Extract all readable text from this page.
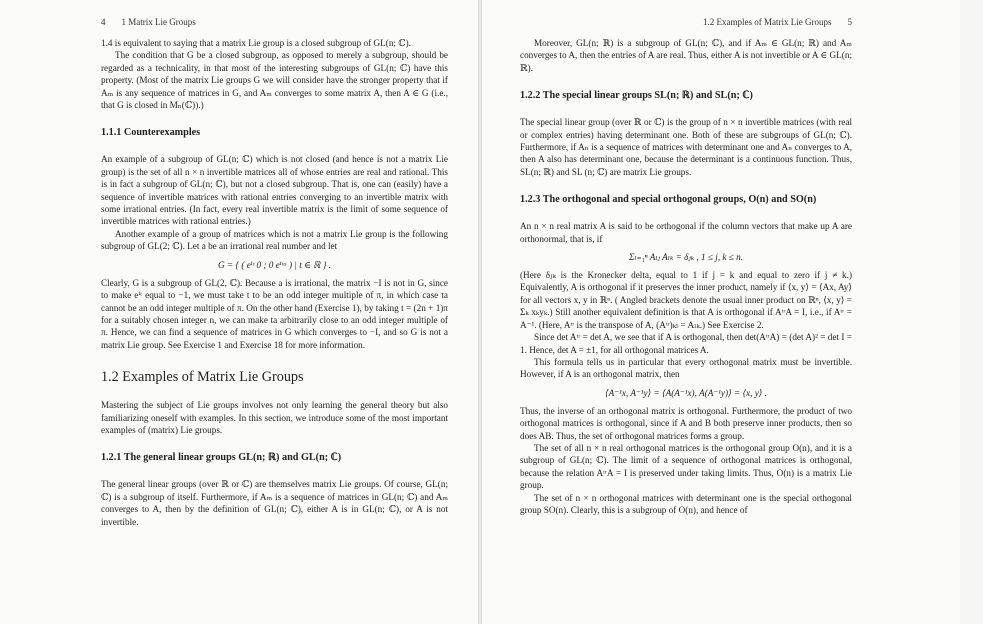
4 1 Matrix Lie Groups

1.4 is equivalent to saying that a matrix Lie group is a closed subgroup of GL(n; ℂ).

The condition that G be a closed subgroup, as opposed to merely a subgroup, should be regarded as a technicality, in that most of the interesting subgroups of GL(n; ℂ) have this property. (Most of the matrix Lie groups G we will consider have the stronger property that if Aₘ is any sequence of matrices in G, and Aₘ converges to some matrix A, then A ∈ G (i.e., that G is closed in Mₙ(ℂ)).)

1.1.1 Counterexamples

An example of a subgroup of GL(n; ℂ) which is not closed (and hence is not a matrix Lie group) is the set of all n × n invertible matrices all of whose entries are real and rational. This is in fact a subgroup of GL(n; ℂ), but not a closed subgroup. That is, one can (easily) have a sequence of invertible matrices with rational entries converging to an invertible matrix with some irrational entries. (In fact, every real invertible matrix is the limit of some sequence of invertible matrices with rational entries.)

Another example of a group of matrices which is not a matrix Lie group is the following subgroup of GL(2; ℂ). Let a be an irrational real number and let

G = { ( eⁱᵗ 0 ; 0 eⁱᵗᵃ ) | t ∈ ℝ } .

Clearly, G is a subgroup of GL(2, ℂ). Because a is irrational, the matrix −I is not in G, since to make eⁱᵗ equal to −1, we must take t to be an odd integer multiple of π, in which case ta cannot be an odd integer multiple of π. On the other hand (Exercise 1), by taking t = (2n + 1)π for a suitably chosen integer n, we can make ta arbitrarily close to an odd integer multiple of π. Hence, we can find a sequence of matrices in G which converges to −I, and so G is not a matrix Lie group. See Exercise 1 and Exercise 18 for more information.

1.2 Examples of Matrix Lie Groups

Mastering the subject of Lie groups involves not only learning the general theory but also familiarizing oneself with examples. In this section, we introduce some of the most important examples of (matrix) Lie groups.

1.2.1 The general linear groups GL(n; ℝ) and GL(n; ℂ)

The general linear groups (over ℝ or ℂ) are themselves matrix Lie groups. Of course, GL(n; ℂ) is a subgroup of itself. Furthermore, if Aₘ is a sequence of matrices in GL(n; ℂ) and Aₘ converges to A, then by the definition of GL(n; ℂ), either A is in GL(n; ℂ), or A is not invertible.

1.2 Examples of Matrix Lie Groups 5

Moreover, GL(n; ℝ) is a subgroup of GL(n; ℂ), and if Aₘ ∈ GL(n; ℝ) and Aₘ converges to A, then the entries of A are real. Thus, either A is not invertible or A ∈ GL(n; ℝ).

1.2.2 The special linear groups SL(n; ℝ) and SL(n; ℂ)

The special linear group (over ℝ or ℂ) is the group of n × n invertible matrices (with real or complex entries) having determinant one. Both of these are subgroups of GL(n; ℂ). Furthermore, if Aₙ is a sequence of matrices with determinant one and Aₙ converges to A, then A also has determinant one, because the determinant is a continuous function. Thus, SL(n; ℝ) and SL (n; ℂ) are matrix Lie groups.

1.2.3 The orthogonal and special orthogonal groups, O(n) and SO(n)

An n × n real matrix A is said to be orthogonal if the column vectors that make up A are orthonormal, that is, if

Σₗ₌₁ⁿ Aₗⱼ Aₗₖ = δⱼₖ , 1 ≤ j, k ≤ n.

(Here δⱼₖ is the Kronecker delta, equal to 1 if j = k and equal to zero if j ≠ k.) Equivalently, A is orthogonal if it preserves the inner product, namely if ⟨x, y⟩ = ⟨Ax, Ay⟩ for all vectors x, y in ℝⁿ. ( Angled brackets denote the usual inner product on ℝⁿ, ⟨x, y⟩ = Σₖ xₖyₖ.) Still another equivalent definition is that A is orthogonal if AᵗʳA = I, i.e., if Aᵗʳ = A⁻¹. (Here, Aᵗʳ is the transpose of A, (Aᵗʳ)ₖₗ = Aₗₖ.) See Exercise 2.

Since det Aᵗʳ = det A, we see that if A is orthogonal, then det(AᵗʳA) = (det A)² = det I = 1. Hence, det A = ±1, for all orthogonal matrices A.

This formula tells us in particular that every orthogonal matrix must be invertible. However, if A is an orthogonal matrix, then

⟨A⁻¹x, A⁻¹y⟩ = ⟨A(A⁻¹x), A(A⁻¹y)⟩ = ⟨x, y⟩ .

Thus, the inverse of an orthogonal matrix is orthogonal. Furthermore, the product of two orthogonal matrices is orthogonal, since if A and B both preserve inner products, then so does AB. Thus, the set of orthogonal matrices forms a group.

The set of all n × n real orthogonal matrices is the orthogonal group O(n), and it is a subgroup of GL(n; ℂ). The limit of a sequence of orthogonal matrices is orthogonal, because the relation AᵗʳA = I is preserved under taking limits. Thus, O(n) is a matrix Lie group.

The set of n × n orthogonal matrices with determinant one is the special orthogonal group SO(n). Clearly, this is a subgroup of O(n), and hence of
